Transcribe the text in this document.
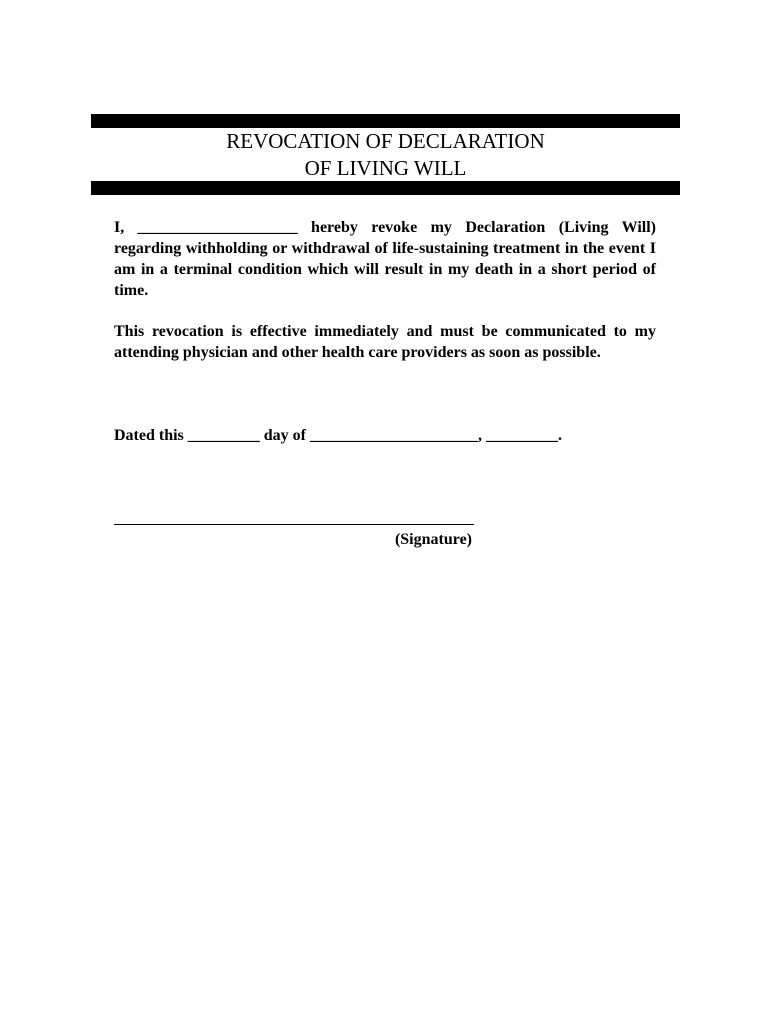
REVOCATION OF DECLARATION
OF LIVING WILL
I, ____________________ hereby revoke my Declaration (Living Will) regarding withholding or withdrawal of life-sustaining treatment in the event I am in a terminal condition which will result in my death in a short period of time.
This revocation is effective immediately and must be communicated to my attending physician and other health care providers as soon as possible.
Dated this _________ day of _____________________, _________.
(Signature)
